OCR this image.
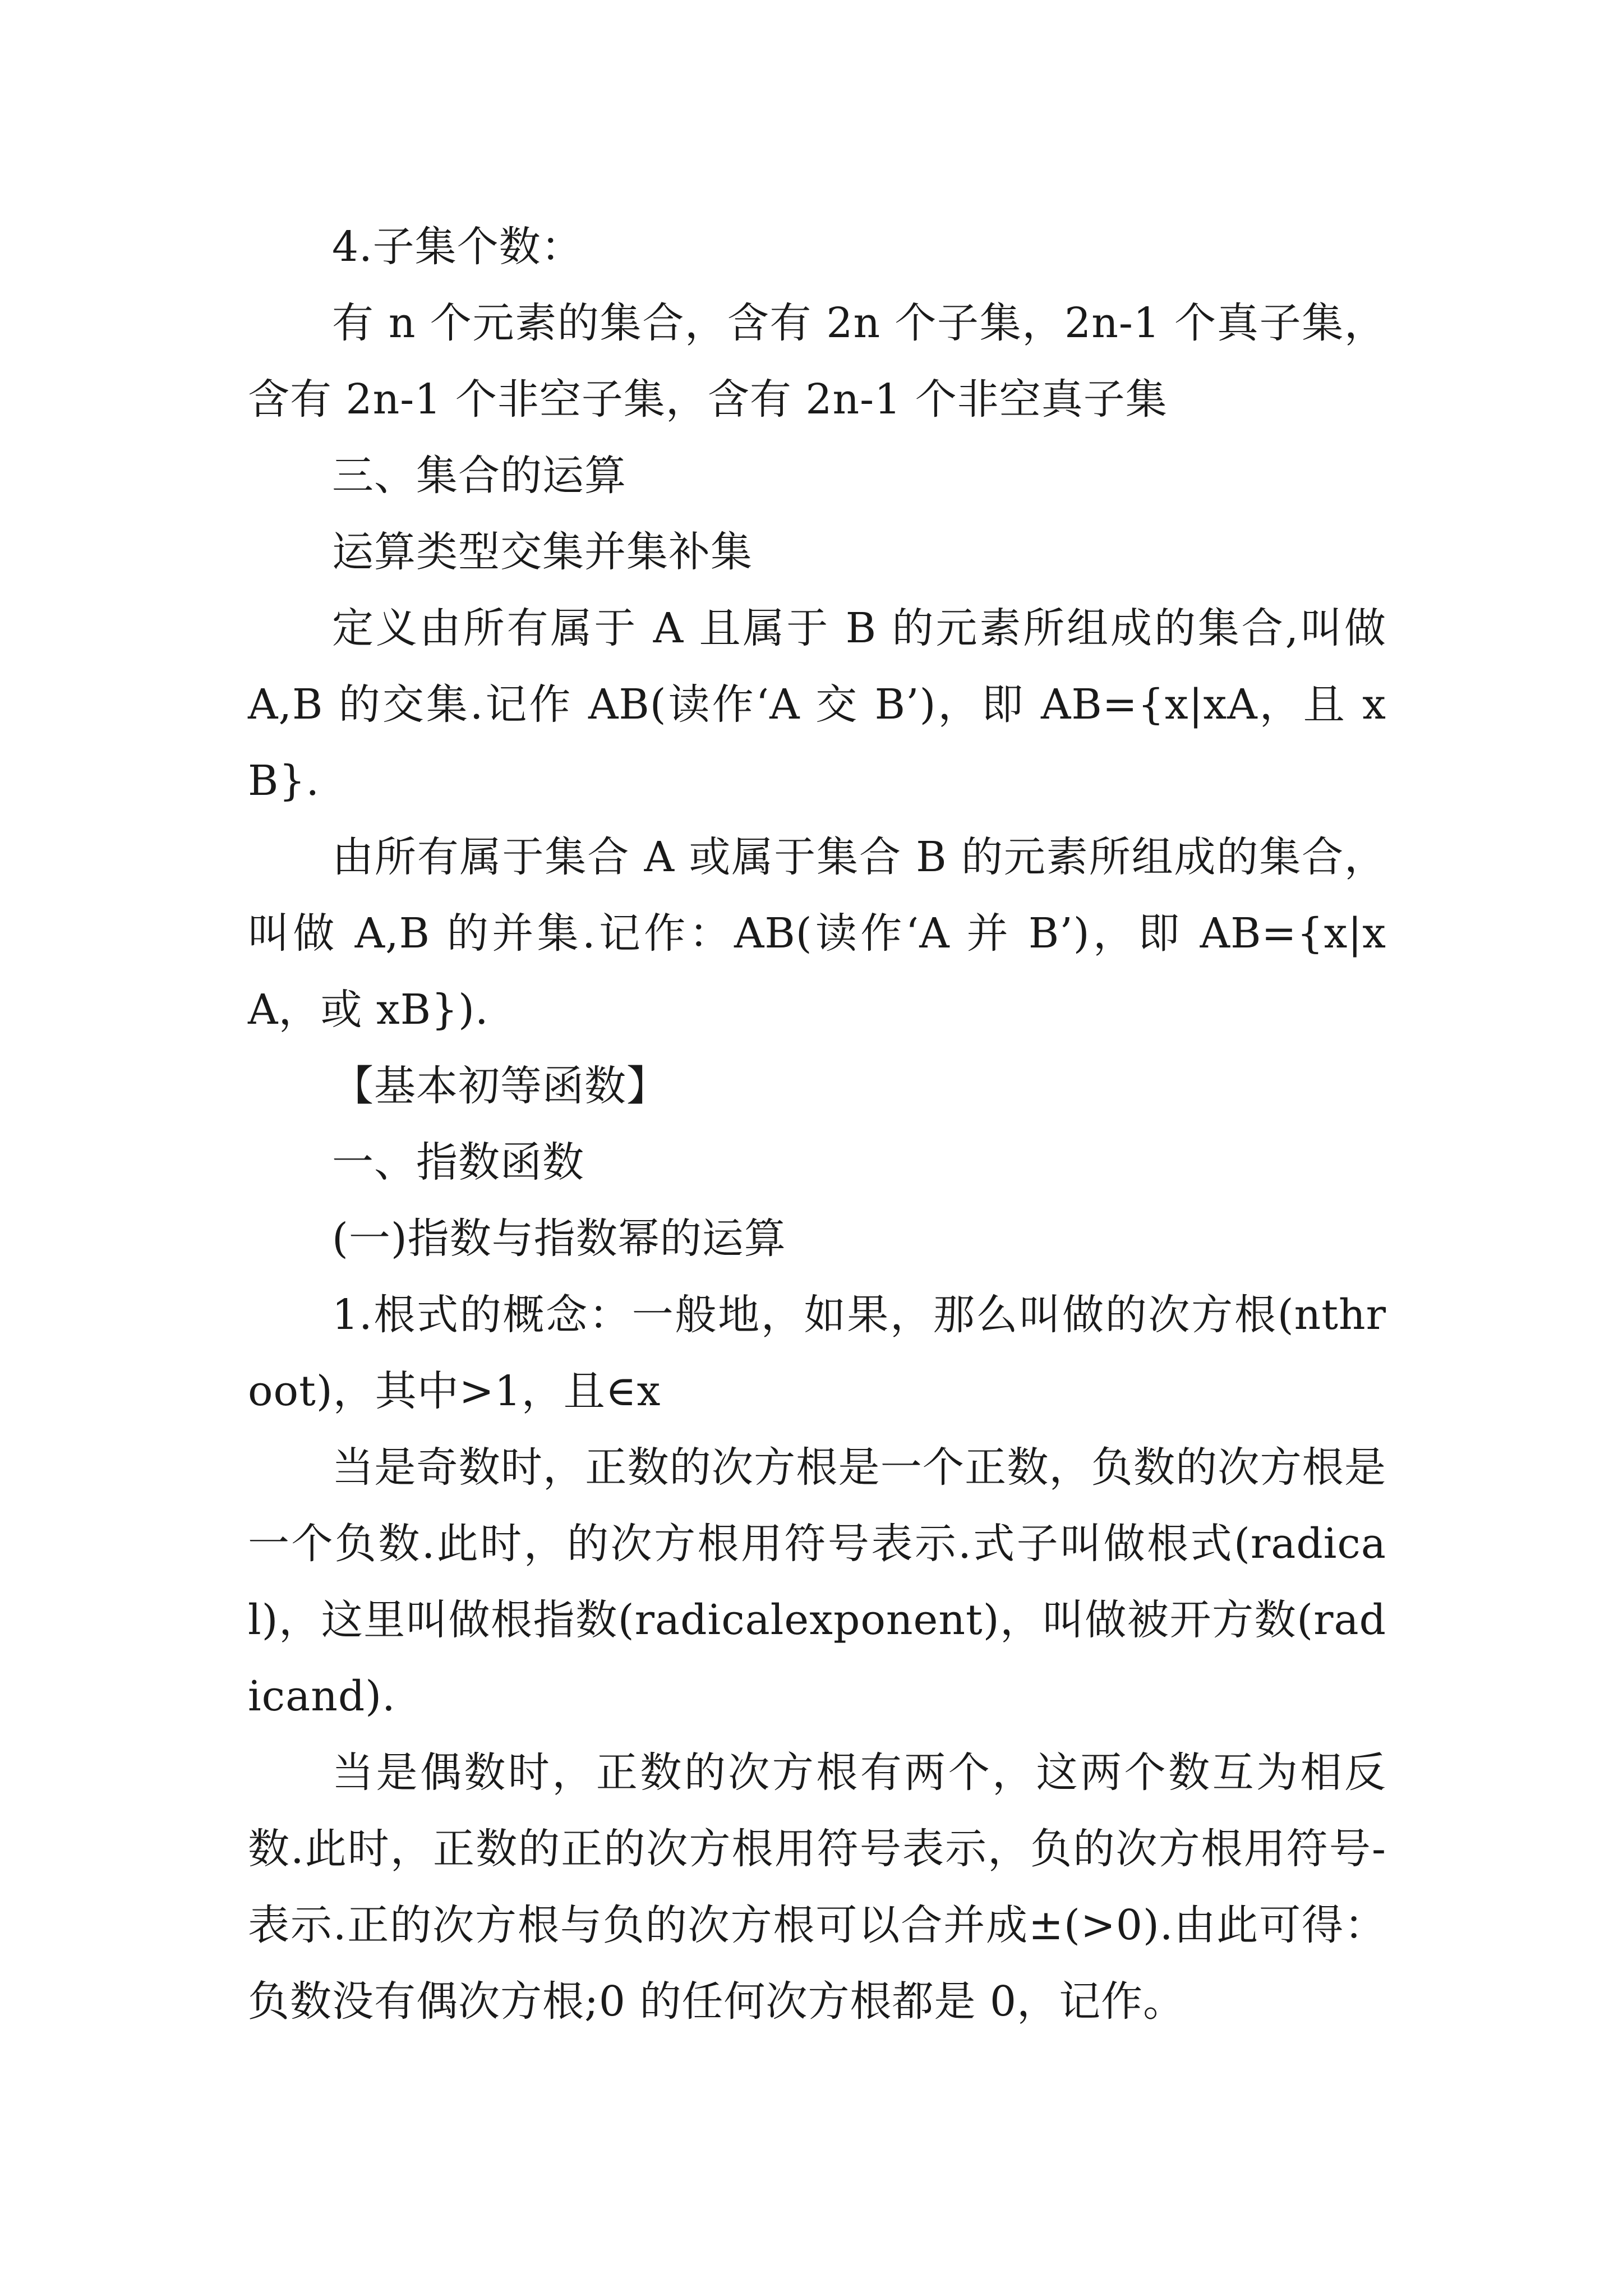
4.子集个数：

有 n 个元素的集合，含有 2n 个子集，2n-1 个真子集，含有 2n-1 个非空子集，含有 2n-1 个非空真子集

三、集合的运算

运算类型交集并集补集

定义由所有属于 A 且属于 B 的元素所组成的集合,叫做 A,B 的交集.记作 AB(读作‘A 交 B’)，即 AB={x|xA，且 xB}.

由所有属于集合 A 或属于集合 B 的元素所组成的集合，叫做 A,B 的并集.记作：AB(读作‘A 并 B’)，即 AB={x|xA，或 xB}).

【基本初等函数】

一、指数函数

(一)指数与指数幂的运算

1.根式的概念：一般地，如果，那么叫做的次方根(nthroot)，其中>1，且∈x

当是奇数时，正数的次方根是一个正数，负数的次方根是一个负数.此时，的次方根用符号表示.式子叫做根式(radical)，这里叫做根指数(radicalexponent)，叫做被开方数(radicand).

当是偶数时，正数的次方根有两个，这两个数互为相反数.此时，正数的正的次方根用符号表示，负的次方根用符号-表示.正的次方根与负的次方根可以合并成±(>0).由此可得：负数没有偶次方根;0 的任何次方根都是 0，记作。
